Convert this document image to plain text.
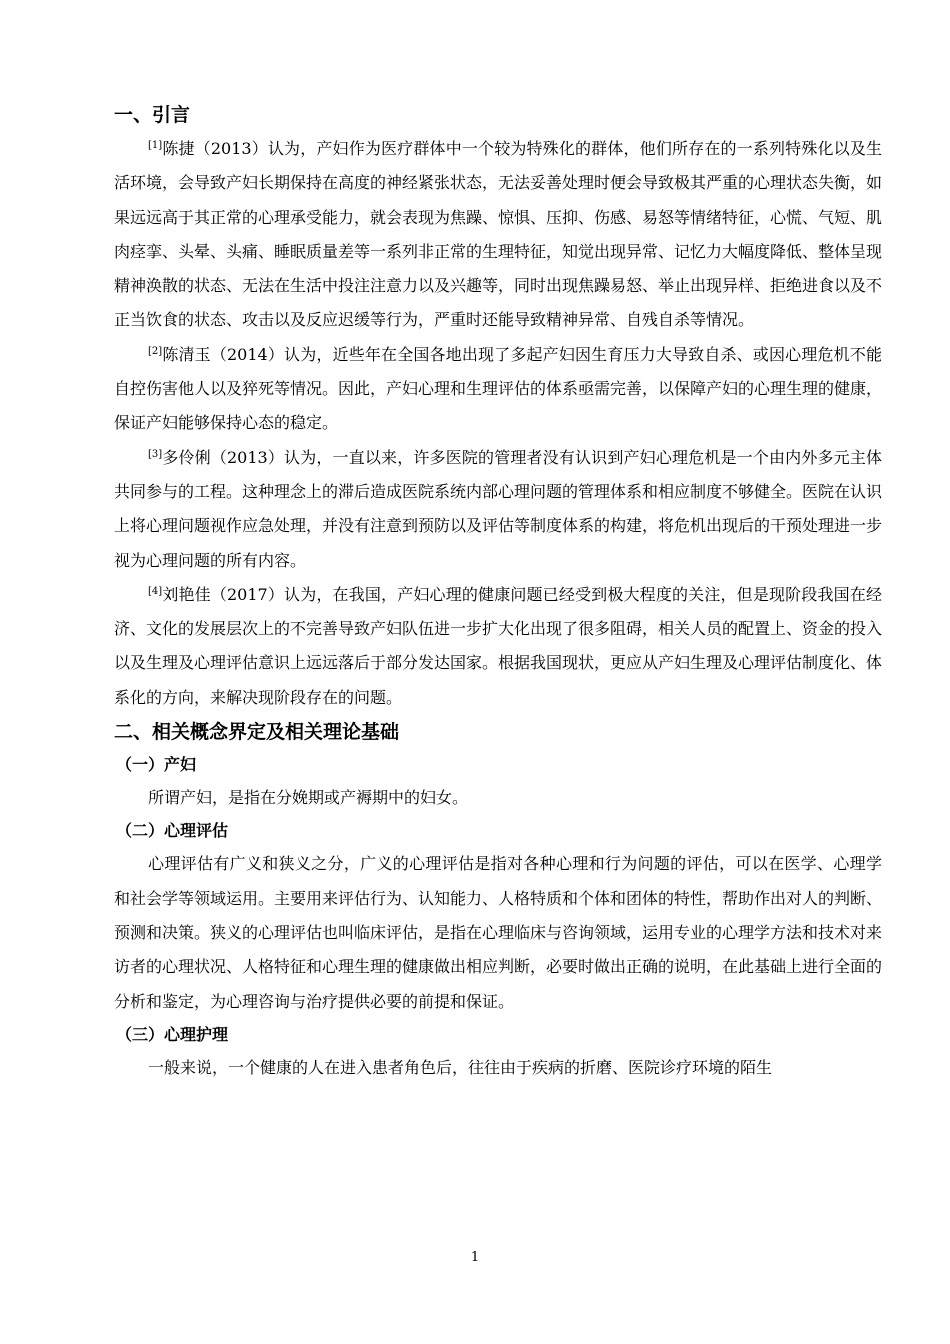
一、引言

[1]陈捷（2013）认为，产妇作为医疗群体中一个较为特殊化的群体，他们所存在的一系列特殊化以及生活环境，会导致产妇长期保持在高度的神经紧张状态，无法妥善处理时便会导致极其严重的心理状态失衡，如果远远高于其正常的心理承受能力，就会表现为焦躁、惊惧、压抑、伤感、易怒等情绪特征，心慌、气短、肌肉痉挛、头晕、头痛、睡眠质量差等一系列非正常的生理特征，知觉出现异常、记忆力大幅度降低、整体呈现精神涣散的状态、无法在生活中投注注意力以及兴趣等，同时出现焦躁易怒、举止出现异样、拒绝进食以及不正当饮食的状态、攻击以及反应迟缓等行为，严重时还能导致精神异常、自残自杀等情况。

[2]陈清玉（2014）认为，近些年在全国各地出现了多起产妇因生育压力大导致自杀、或因心理危机不能自控伤害他人以及猝死等情况。因此，产妇心理和生理评估的体系亟需完善，以保障产妇的心理生理的健康，保证产妇能够保持心态的稳定。

[3]多伶俐（2013）认为，一直以来，许多医院的管理者没有认识到产妇心理危机是一个由内外多元主体共同参与的工程。这种理念上的滞后造成医院系统内部心理问题的管理体系和相应制度不够健全。医院在认识上将心理问题视作应急处理，并没有注意到预防以及评估等制度体系的构建，将危机出现后的干预处理进一步视为心理问题的所有内容。

[4]刘艳佳（2017）认为，在我国，产妇心理的健康问题已经受到极大程度的关注，但是现阶段我国在经济、文化的发展层次上的不完善导致产妇队伍进一步扩大化出现了很多阻碍，相关人员的配置上、资金的投入以及生理及心理评估意识上远远落后于部分发达国家。根据我国现状，更应从产妇生理及心理评估制度化、体系化的方向，来解决现阶段存在的问题。

二、相关概念界定及相关理论基础
（一）产妇

所谓产妇，是指在分娩期或产褥期中的妇女。

（二）心理评估

心理评估有广义和狭义之分，广义的心理评估是指对各种心理和行为问题的评估，可以在医学、心理学和社会学等领域运用。主要用来评估行为、认知能力、人格特质和个体和团体的特性，帮助作出对人的判断、预测和决策。狭义的心理评估也叫临床评估，是指在心理临床与咨询领域，运用专业的心理学方法和技术对来访者的心理状况、人格特征和心理生理的健康做出相应判断，必要时做出正确的说明，在此基础上进行全面的分析和鉴定，为心理咨询与治疗提供必要的前提和保证。

（三）心理护理

一般来说，一个健康的人在进入患者角色后，往往由于疾病的折磨、医院诊疗环境的陌生

1
